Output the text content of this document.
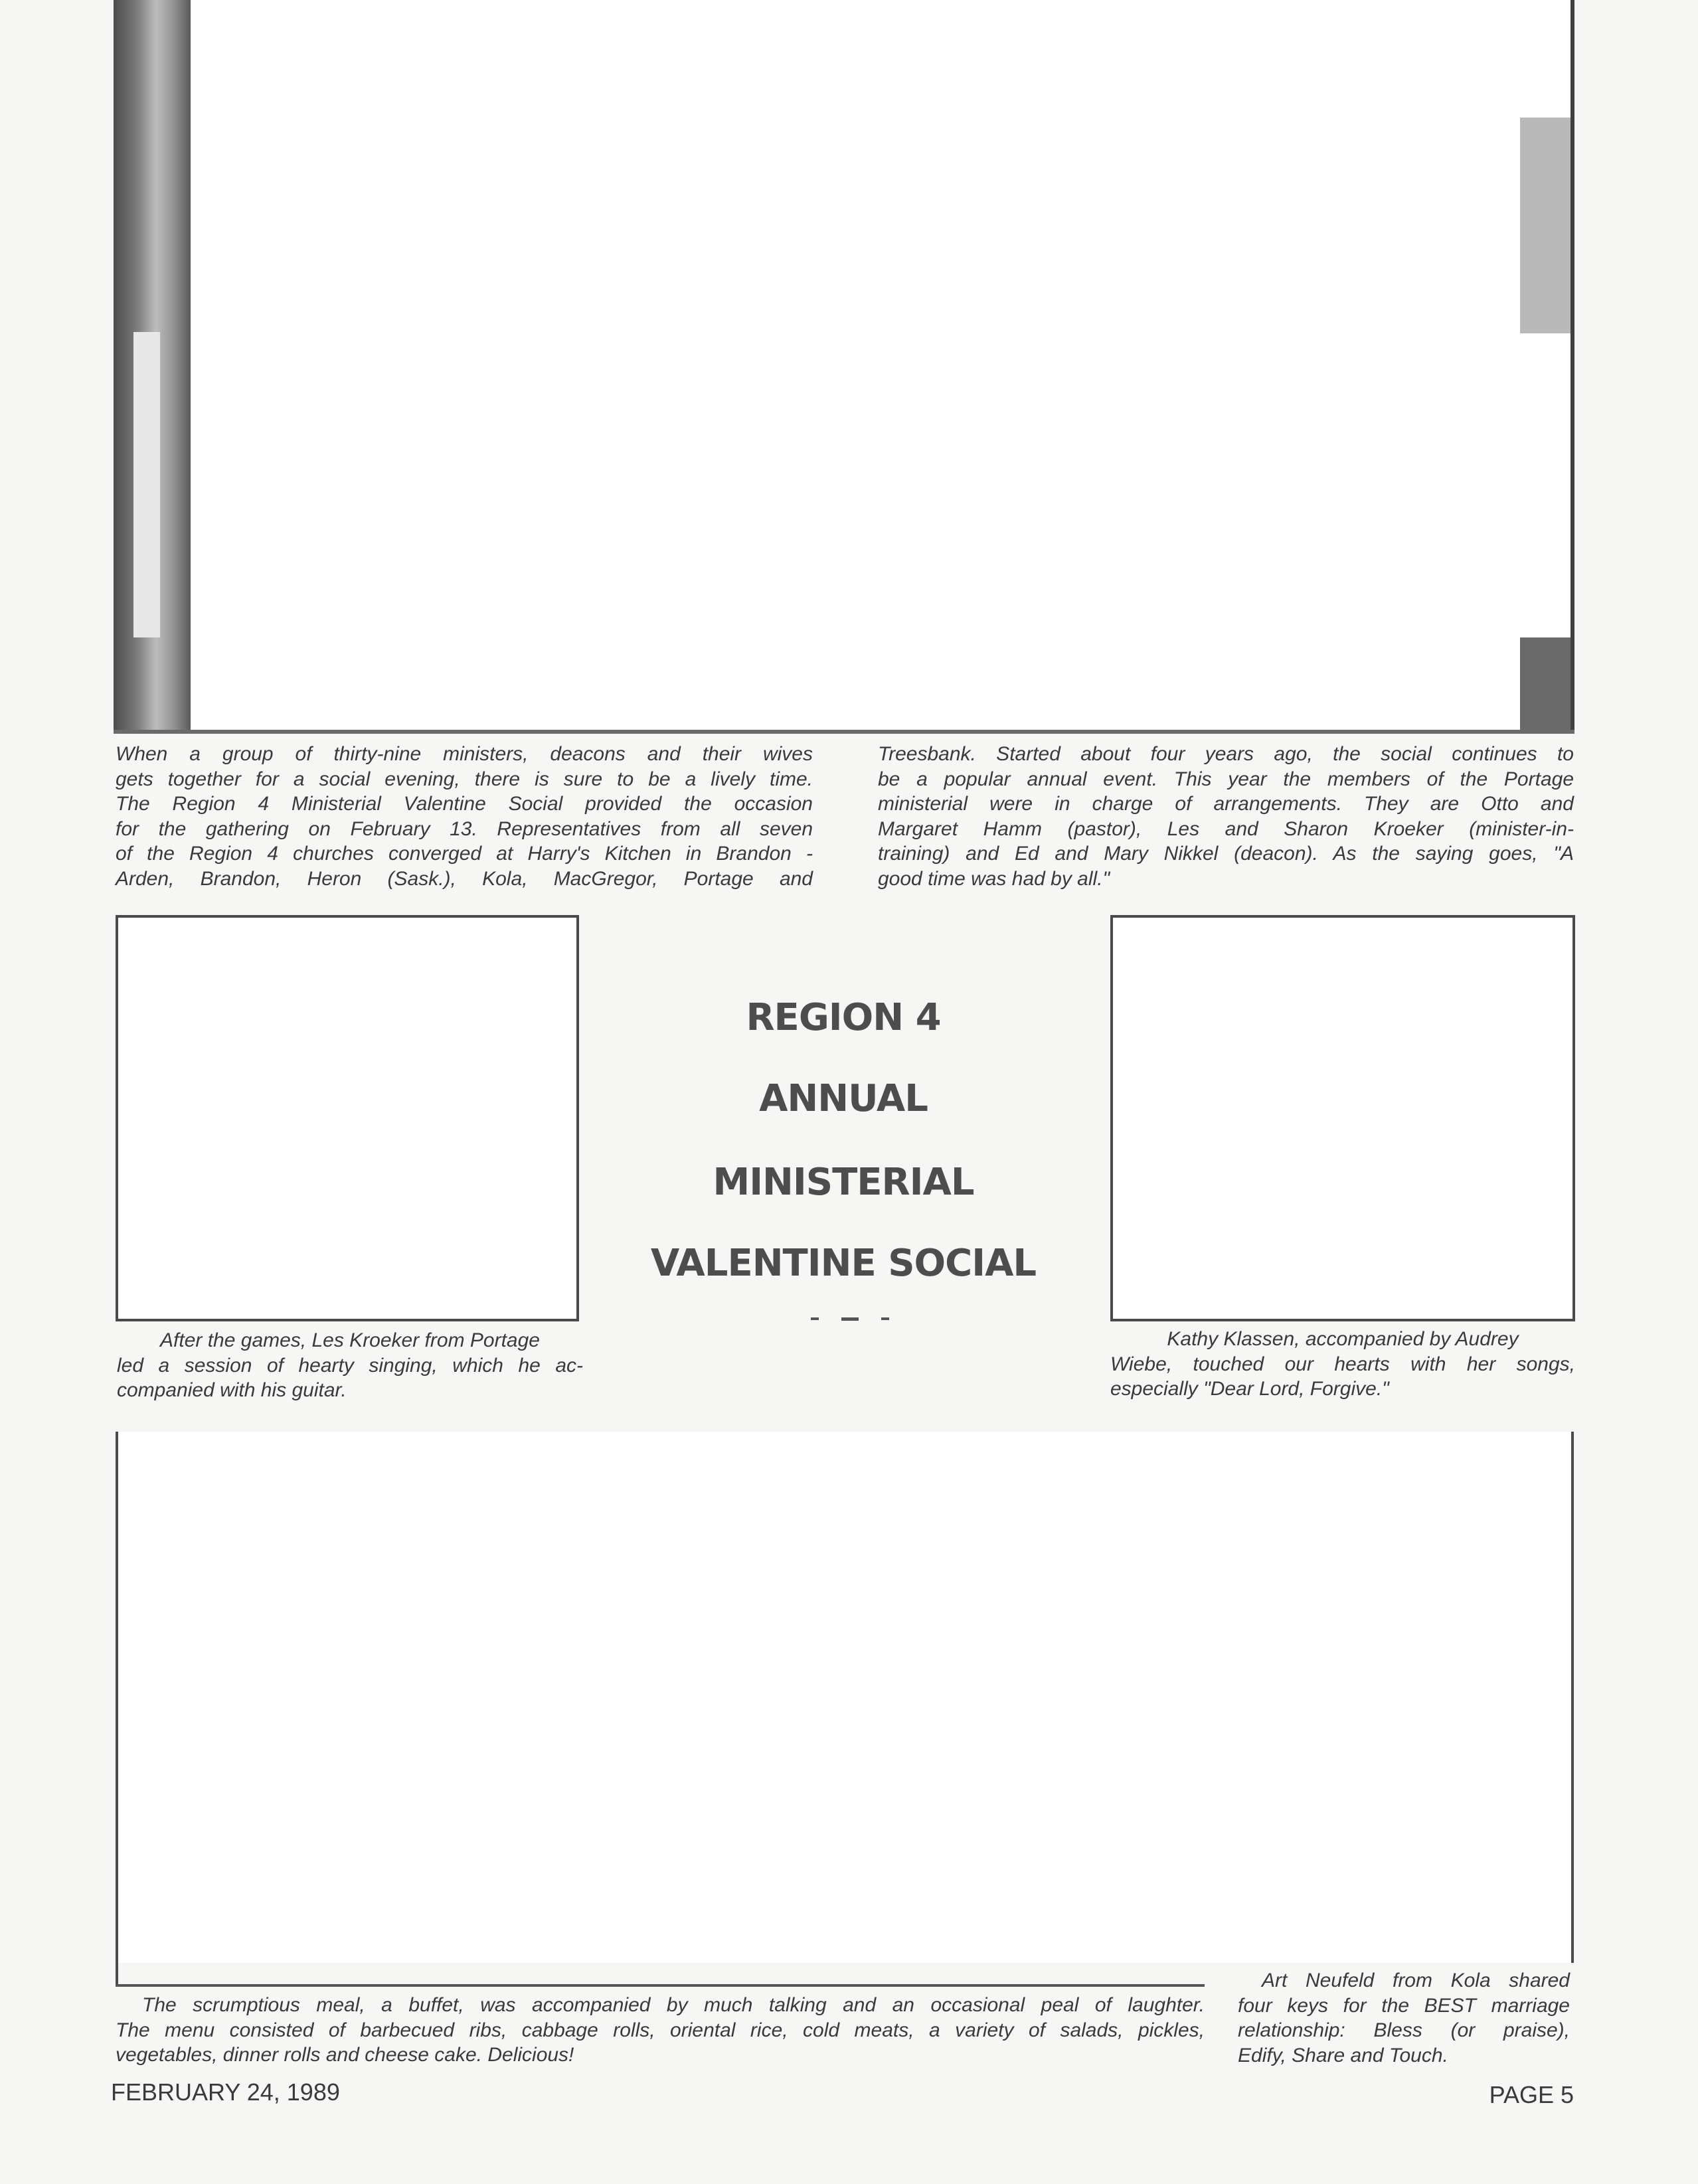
When a group of thirty-nine ministers, deacons and their wives

gets together for a social evening, there is sure to be a lively time.

The Region 4 Ministerial Valentine Social provided the occasion

for the gathering on February 13. Representatives from all seven

of the Region 4 churches converged at Harry's Kitchen in Brandon -

Arden, Brandon, Heron (Sask.), Kola, MacGregor, Portage and

Treesbank. Started about four years ago, the social continues to

be a popular annual event. This year the members of the Portage

ministerial were in charge of arrangements. They are Otto and

Margaret Hamm (pastor), Les and Sharon Kroeker (minister-in-

training) and Ed and Mary Nikkel (deacon). As the saying goes, "A

good time was had by all."

REGION 4
ANNUAL
MINISTERIAL
VALENTINE SOCIAL

After the games, Les Kroeker from Portage

led a session of hearty singing, which he ac-

companied with his guitar.

Kathy Klassen, accompanied by Audrey

Wiebe, touched our hearts with her songs,

especially "Dear Lord, Forgive."

The scrumptious meal, a buffet, was accompanied by much talking and an occasional peal of laughter.

The menu consisted of barbecued ribs, cabbage rolls, oriental rice, cold meats, a variety of salads, pickles,

vegetables, dinner rolls and cheese cake. Delicious!

Art Neufeld from Kola shared

four keys for the BEST marriage

relationship: Bless (or praise),

Edify, Share and Touch.

FEBRUARY 24, 1989	PAGE 5
